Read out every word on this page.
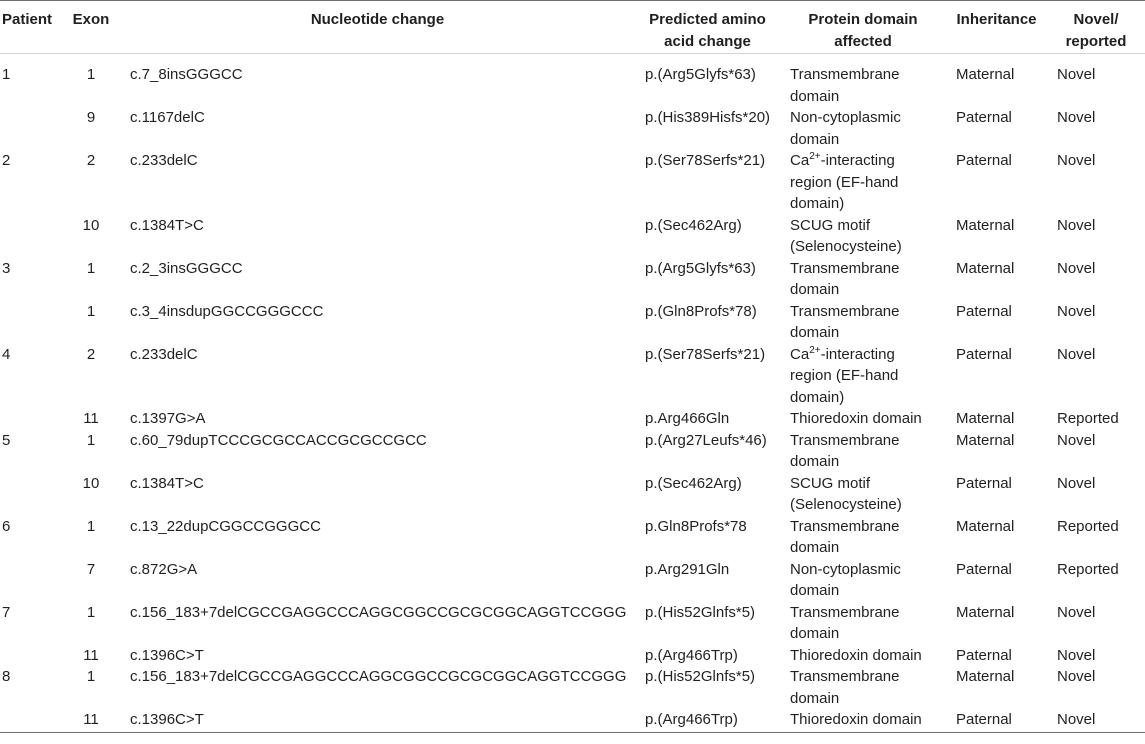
Patient	Exon	Nucleotide change	Predicted amino
acid change	Protein domain
affected	Inheritance	Novel/
reported
1	1	c.7_8insGGGCC	p.(Arg5Glyfs*63)	Transmembrane
domain	Maternal	Novel
	9	c.1167delC	p.(His389Hisfs*20)	Non-cytoplasmic
domain	Paternal	Novel
2	2	c.233delC	p.(Ser78Serfs*21)	$Ca^{2+}$-interacting
region (EF-hand
domain)	Paternal	Novel
	10	c.1384T>C	p.(Sec462Arg)	SCUG motif
(Selenocysteine)	Maternal	Novel
3	1	c.2_3insGGGCC	p.(Arg5Glyfs*63)	Transmembrane
domain	Maternal	Novel
	1	c.3_4insdupGGCCGGGCCC	p.(Gln8Profs*78)	Transmembrane
domain	Paternal	Novel
4	2	c.233delC	p.(Ser78Serfs*21)	$Ca^{2+}$-interacting
region (EF-hand
domain)	Paternal	Novel
	11	c.1397G>A	p.Arg466Gln	Thioredoxin domain	Maternal	Reported
5	1	c.60_79dupTCCCGCGCCACCGCGCCGCC	p.(Arg27Leufs*46)	Transmembrane
domain	Maternal	Novel
	10	c.1384T>C	p.(Sec462Arg)	SCUG motif
(Selenocysteine)	Paternal	Novel
6	1	c.13_22dupCGGCCGGGCC	p.Gln8Profs*78	Transmembrane
domain	Maternal	Reported
	7	c.872G>A	p.Arg291Gln	Non-cytoplasmic
domain	Paternal	Reported
7	1	c.156_183+7delCGCCGAGGCCCAGGCGGCCGCGCGGCAGGTCCGGG	p.(His52Glnfs*5)	Transmembrane
domain	Maternal	Novel
	11	c.1396C>T	p.(Arg466Trp)	Thioredoxin domain	Paternal	Novel
8	1	c.156_183+7delCGCCGAGGCCCAGGCGGCCGCGCGGCAGGTCCGGG	p.(His52Glnfs*5)	Transmembrane
domain	Maternal	Novel
	11	c.1396C>T	p.(Arg466Trp)	Thioredoxin domain	Paternal	Novel
